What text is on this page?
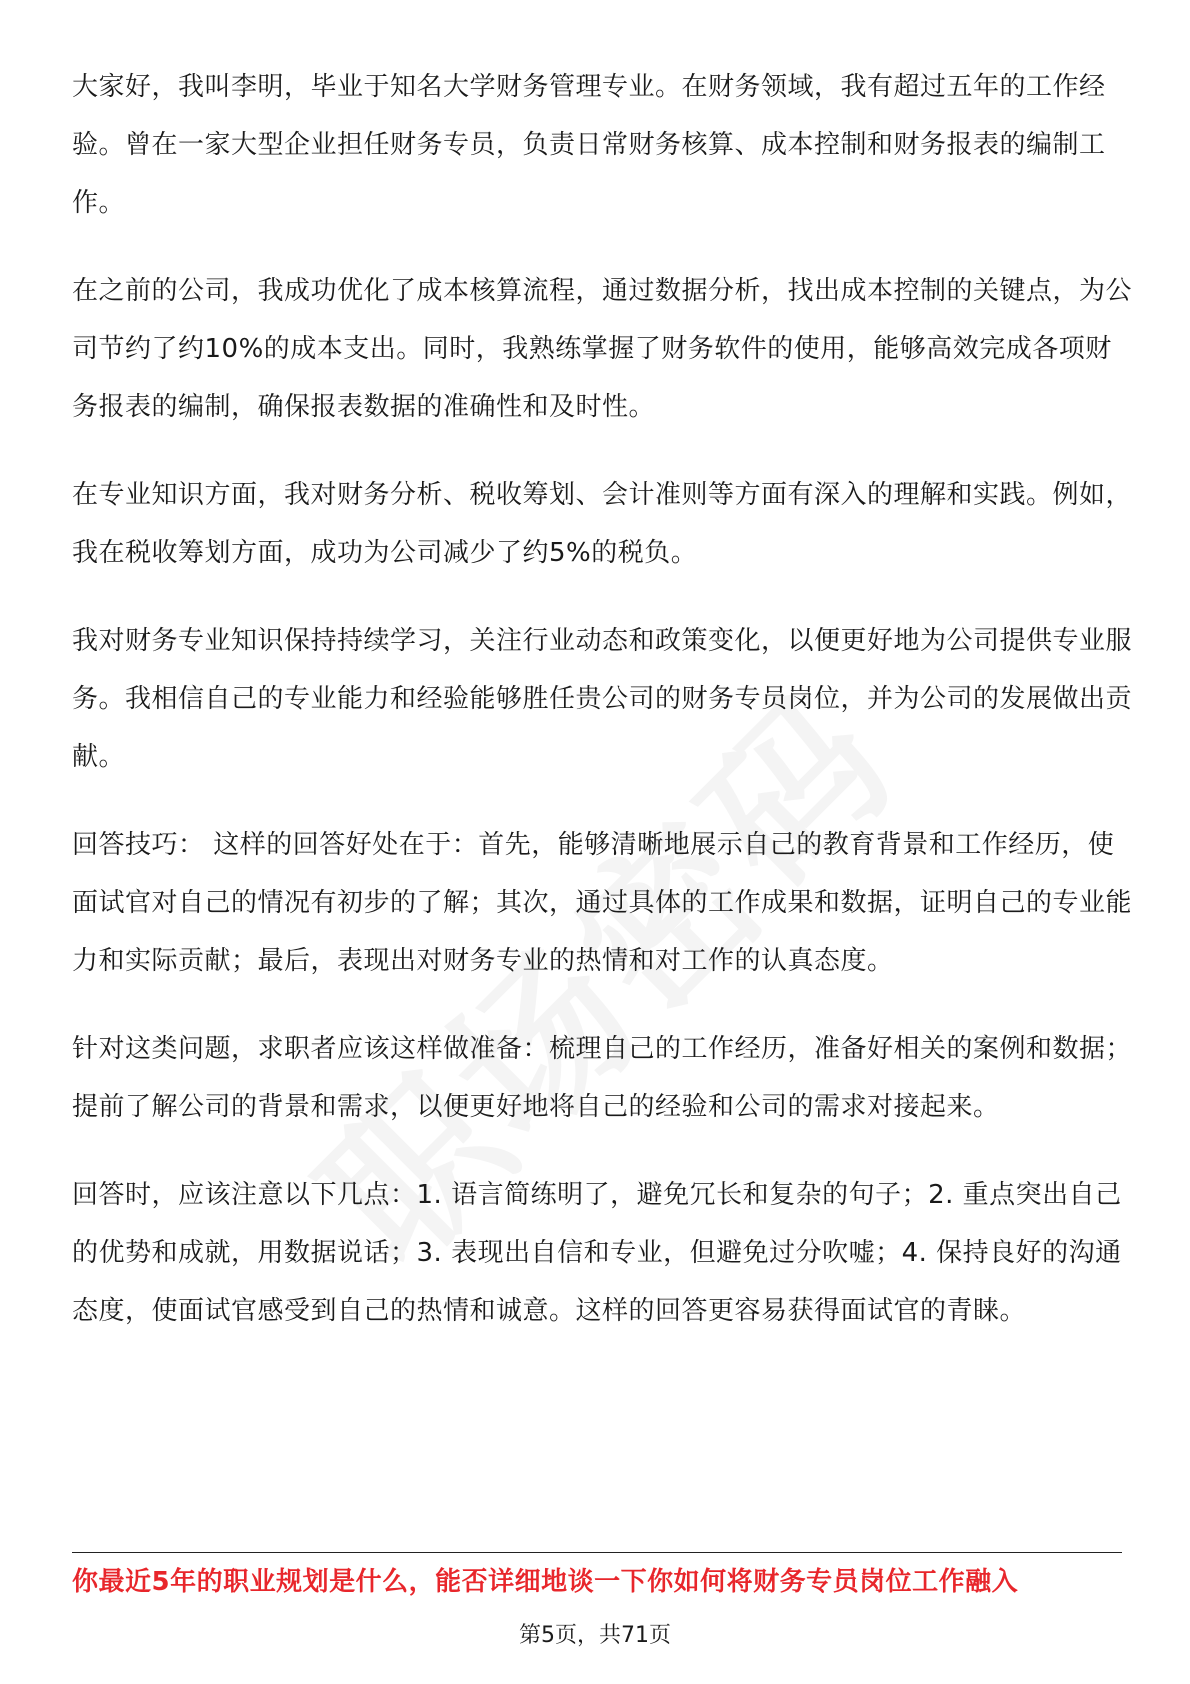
大家好，我叫李明，毕业于知名大学财务管理专业。在财务领域，我有超过五年的工作经验。曾在一家大型企业担任财务专员，负责日常财务核算、成本控制和财务报表的编制工作。

在之前的公司，我成功优化了成本核算流程，通过数据分析，找出成本控制的关键点，为公司节约了约10%的成本支出。同时，我熟练掌握了财务软件的使用，能够高效完成各项财务报表的编制，确保报表数据的准确性和及时性。

在专业知识方面，我对财务分析、税收筹划、会计准则等方面有深入的理解和实践。例如，我在税收筹划方面，成功为公司减少了约5%的税负。

我对财务专业知识保持持续学习，关注行业动态和政策变化，以便更好地为公司提供专业服务。我相信自己的专业能力和经验能够胜任贵公司的财务专员岗位，并为公司的发展做出贡献。

回答技巧： 这样的回答好处在于：首先，能够清晰地展示自己的教育背景和工作经历，使面试官对自己的情况有初步的了解；其次，通过具体的工作成果和数据，证明自己的专业能力和实际贡献；最后，表现出对财务专业的热情和对工作的认真态度。

针对这类问题，求职者应该这样做准备：梳理自己的工作经历，准备好相关的案例和数据；提前了解公司的背景和需求，以便更好地将自己的经验和公司的需求对接起来。

回答时，应该注意以下几点：1. 语言简练明了，避免冗长和复杂的句子；2. 重点突出自己的优势和成就，用数据说话；3. 表现出自信和专业，但避免过分吹嘘；4. 保持良好的沟通态度，使面试官感受到自己的热情和诚意。这样的回答更容易获得面试官的青睐。

你最近5年的职业规划是什么，能否详细地谈一下你如何将财务专员岗位工作融入
第5页，共71页
